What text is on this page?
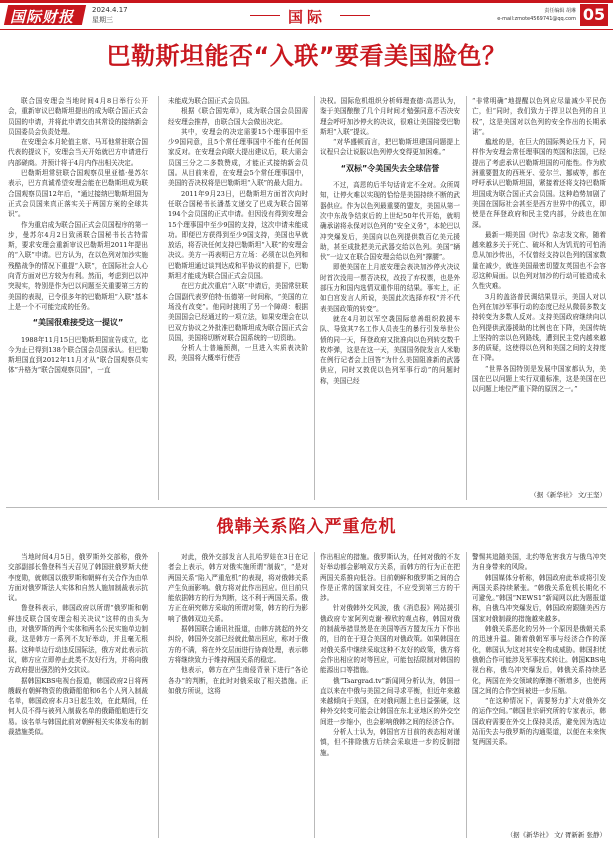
国际财报	2024.4.17
星期三	国际	责任编辑 胡琳
e-mail:zmote4569741@qq.com 05
巴勒斯坦能否“入联”要看美国脸色？

联合国安理会当地时间4月8日举行公开会，重新审议巴勒斯坦提出的成为联合国正式会员国的申请，并将此申请交由其常设的接纳新会员国委员会负责处理。

在安理会本月轮值主席、马耳他常驻联合国代表的提议下，安理会当天开始就巴方申请进行内部磋商。并预计将于4月内作出相关决定。

巴勒斯坦常驻联合国观察员里亚德·曼苏尔表示，巴方真诚希望安理会能在巴勒斯坦成为联合国观察员国12年后，“通过接纳巴勒斯坦国为正式会员国来真正落实关于两国方案的全球共识”。

作为重启成为联合国正式会员国程序的第一步，曼苏尔4月2日致函联合国秘书长古特雷斯，要求安理会重新审议巴勒斯坦2011年提出的“入联”申请。巴方认为，在以色列对加沙实施残酷战争的情况下重提“入联”，在国际社会人心向背方面对巴方较为有利。然而，考虑到巴以冲突现实，特别是作为巴以问题至关重要第三方的美国的表现，已令很多年的巴勒斯坦“入联”基本上是一个不可能完成的任务。

“美国很难接受这一提议”

1988年11月15日巴勒斯坦国宣告成立，迄今为止已得到138个联合国会员国承认。但巴勒斯坦国直到2012年11月才从“联合国观察员实体”升格为“联合国观察员国”，一直

未能成为联合国正式会员国。

根据《联合国宪章》，成为联合国会员国需经安理会推荐，由联合国大会做出决定。

其中，安理会的决定需要15个理事国中至少9国同意，且5个常任理事国中不能有任何国家反对。在安理会向联大提出建议后，联大需会员国三分之二多数赞成，才能正式接纳新会员国。从目前来看，在安理会5个常任理事国中，美国的否决权将是巴勒斯坦“入联”的最大阻力。

2011年9月23日，巴勒斯坦方面首次向时任联合国秘书长潘基文递交了巴成为联合国第194个会员国的正式申请。但因没有得到安理会15个理事国中至少9国的支持，这次申请未能成功。即便巴方获得到至少9国支持，美国也早就放话，将否决任何支持巴勒斯坦“入联”的安理会决议。美方一再表明已方立场：必须在以色列和巴勒斯坦通过谈判达成和平协议的前提下，巴勒斯坦才能成为联合国正式会员国。

在巴方此次重启“入联”申请后，美国常驻联合国副代表罗伯特·伍德第一时间称，“美国的立场没有改变”。他同时挑明了另一个障碍：根据美国国会已经通过的一项立法，如果安理会在以巴双方协议之外批准巴勒斯坦成为联合国正式会员国，美国将切断对联合国系统的一切资助。

分析人士普遍预测，一旦进入实质表决阶段，美国将大概率行使否

决权。国际危机组织分析师理查德·高恩认为，鉴于美国酿酿了几个月时间才勉强同意不否决安理会呼吁加沙停火的决议，很难让美国接受巴勒斯坦“入联”提议。

“对华盛顿而言，把巴勒斯坦建国问题提上议程只会让说服以色列停火变得更加困难。”

“双标”令美国失去全球信誉

不过，高恩的后半句话肯定不全对。众所周知，让停火难以实现的恰恰是美国持续不断的武器供应。作为以色列最重要的盟友，美国从第一次中东战争结束后的上世纪50年代开始，就明确承诺将永保对以色列的“安全义务”，本轮巴以冲突爆发后，美国向以色列提供数百亿美元援助，甚至成批把美元武器交给以色列。美国“辆伙”一边又在联合国安理会给以色列“撑腰”。

即使美国在上月底安理会表决加沙停火决议时首次没用一票否决权，改投了弃权票，也是外部压力和国内选情双重作用的结果。事实上，正如白宫发言人所说，美国此次选择弃权“并不代表美国政策的转变”。

就在4月初以军空袭国际慈善组织救援车队、导致其7名工作人员丧生的暴行引发举世公愤的同一天，拜登政府又批准向以色列转交数千枚炸弹，这是在这一天，美国国务院发言人米勒在例行记者会上回答“为什么美国阻准新的武器供应，同时又敦促以色列军事行动”的问题时称，美国已经

“非常明确”地提醒以色列应尽量减少平民伤亡，但“同时，我们致力于捍卫以色列的自卫权”，这是美国对以色列的安全作出的长期承诺”。

尴尬的是，在巨大的国际舆论压力下，同样作为安理会常任理事国的英国和法国，已经提出了考虑承认巴勒斯坦国的可能性。作为欧洲重要盟友的西班牙、爱尔兰、挪威等，都在呼吁承认巴勒斯坦国，紧接着还将支持巴勒斯坦国成为联合国正式会员国。这种趋势加剧了美国在国际社会甚至是西方世界中的孤立，即使是在拜登政府和民主党内部，分歧也在加深。

最新一期美国《时代》杂志发文称，随着越来越多关于死亡、破坏和人为饥荒的可怕消息从加沙传出，不仅曾经支持以色列的国家数量在减少，就连美国最密切盟友英国也不会容忍这种局面。以色列对加沙的行动可能造成永久性灾难。

3月的盖洛普民调结果显示，美国人对以色列在加沙军事行动的态度已经从微弱多数支持转变为多数人反对。支持美国政府继续向以色列提供武器援助的比例也在下降，美国传统上坚持的亲以色列路线，遭到民主党内越来越多的质疑，这使得以色列和美国之间的支持度在下降。

“世界各国特别是发展中国家都认为，美国在巴以问题上实行双重标准，这是美国在巴以问题上地位严重下降的原因之一。”

（据《新华社》 文/王坚）
俄韩关系陷入严重危机

当地时间4月5日，俄罗斯外交部称，俄外交部副部长鲁登科当天召见了韩国驻俄罗斯大使李度勋，就韩国以俄罗斯和朝鲜有关合作为由单方面对俄罗斯法人实体和自然人施加制裁表示抗议。

鲁登科表示，韩国政府以所谓“俄罗斯和朝鲜违反联合国安理会相关决议”这样的由头为由，对俄罗斯的两个实体和两名公民实施单边制裁，这是韩方一系列不友好举动，并且毫无根据。这种单边行动违反国际法，俄方对此表示抗议，韩方应立即停止此类不友好行为，并将向俄方政府提出强烈的外交抗议。

据韩国KBS电视台报道，韩国政府2日将两艘载有朝鲜物资的俄籍船舶和6名个人列入制裁名单，韩国政府本月3日起生效，在此期间，任何人员不得与被列入制裁名单的俄籍船舶进行交易。该名单与韩国此前对朝鲜相关实体发布的制裁措施类似。

对此，俄外交部发言人扎哈罗娃在3日在记者会上表示，韩方对俄实施所谓“制裁”，“是对两国关系“陷入严重危机”的表现，将对俄韩关系产生负面影响。俄方将对此作出回应。但目前只能依据韩方的行为判断，这不利于两国关系。俄方正在研究韩方采取的所谓对策，韩方的行为影响了俄韩双边关系。

据韩国联合通讯社报道，由韩方挑起的外交纠纷，韩国外交部已经就此做出回应，称对于俄方的不满，将在外交层面进行协商处理，表示韩方将继续致力于维持两国关系的稳定。

他表示，韩方在产生南侵背景下进行“各论各办”的判断，在此时对俄采取了相关措施。正如俄方所说，这将

作出相应的措施。俄罗斯认为，任何对俄的不友好举动都会影响双方关系，而韩方的行为正在把两国关系推向低谷。目前朝鲜和俄罗斯之间的合作是正常的国家间交往，不应受到第三方的干涉。

针对俄韩外交风波，俄《消息报》网站援引俄政府专家阿列克谢·穆欣的观点称，韩国对俄的制裁举措显然是在美国等西方盟友压力下作出的，目的在于迎合美国的对俄政策。如果韩国在对俄关系中继续采取这种不友好的政策，俄方将会作出相应的对等回应，可能包括限制对韩国的能源出口等措施。

俄“Tsargrad.tv”新闻网分析认为，韩国一直以来在中俄与美国之间寻求平衡，但近年来越来越倾向于美国，在对俄问题上也日益强硬，这种外交转变可能会让韩国在东北亚地区的外交空间进一步缩小，也会影响俄韩之间的经济合作。

分析人士认为，韩国官方目前的表态相对谨慎，但不排除俄方后续会采取进一步的反制措施。

警惕其追随美国，北约等危害我方与俄乌冲突为自身带来的风险。

韩国媒体分析称，韩国政府此举或将引发两国关系持续紧张。“韩俄关系危机长期化不可避免。”韩国“NEWS1”新闻网以此为题报道称，自俄乌冲突爆发后，韩国政府跟随美西方国家对俄制裁的措施越来越多。

韩俄关系恶化的另外一个原因是俄朝关系的迅速升温。随着俄朝军事与经济合作的深化，韩国认为这对其安全构成威胁。韩国担忧俄朝合作可能涉及军事技术转让。韩国KBS电视台称，俄乌冲突爆发后，韩俄关系持续恶化，两国在外交领域的摩擦不断增多，也使两国之间的合作空间被进一步压缩。

“在这种情况下，需要努力扩大对俄外交的运作空间。”韩国世宗研究所的专家表示，韩国政府需要在外交上保持灵活，避免因为选边站而失去与俄罗斯的沟通渠道，以便在未来恢复两国关系。

（据《新华社》 文/ 胥新新 张静）
